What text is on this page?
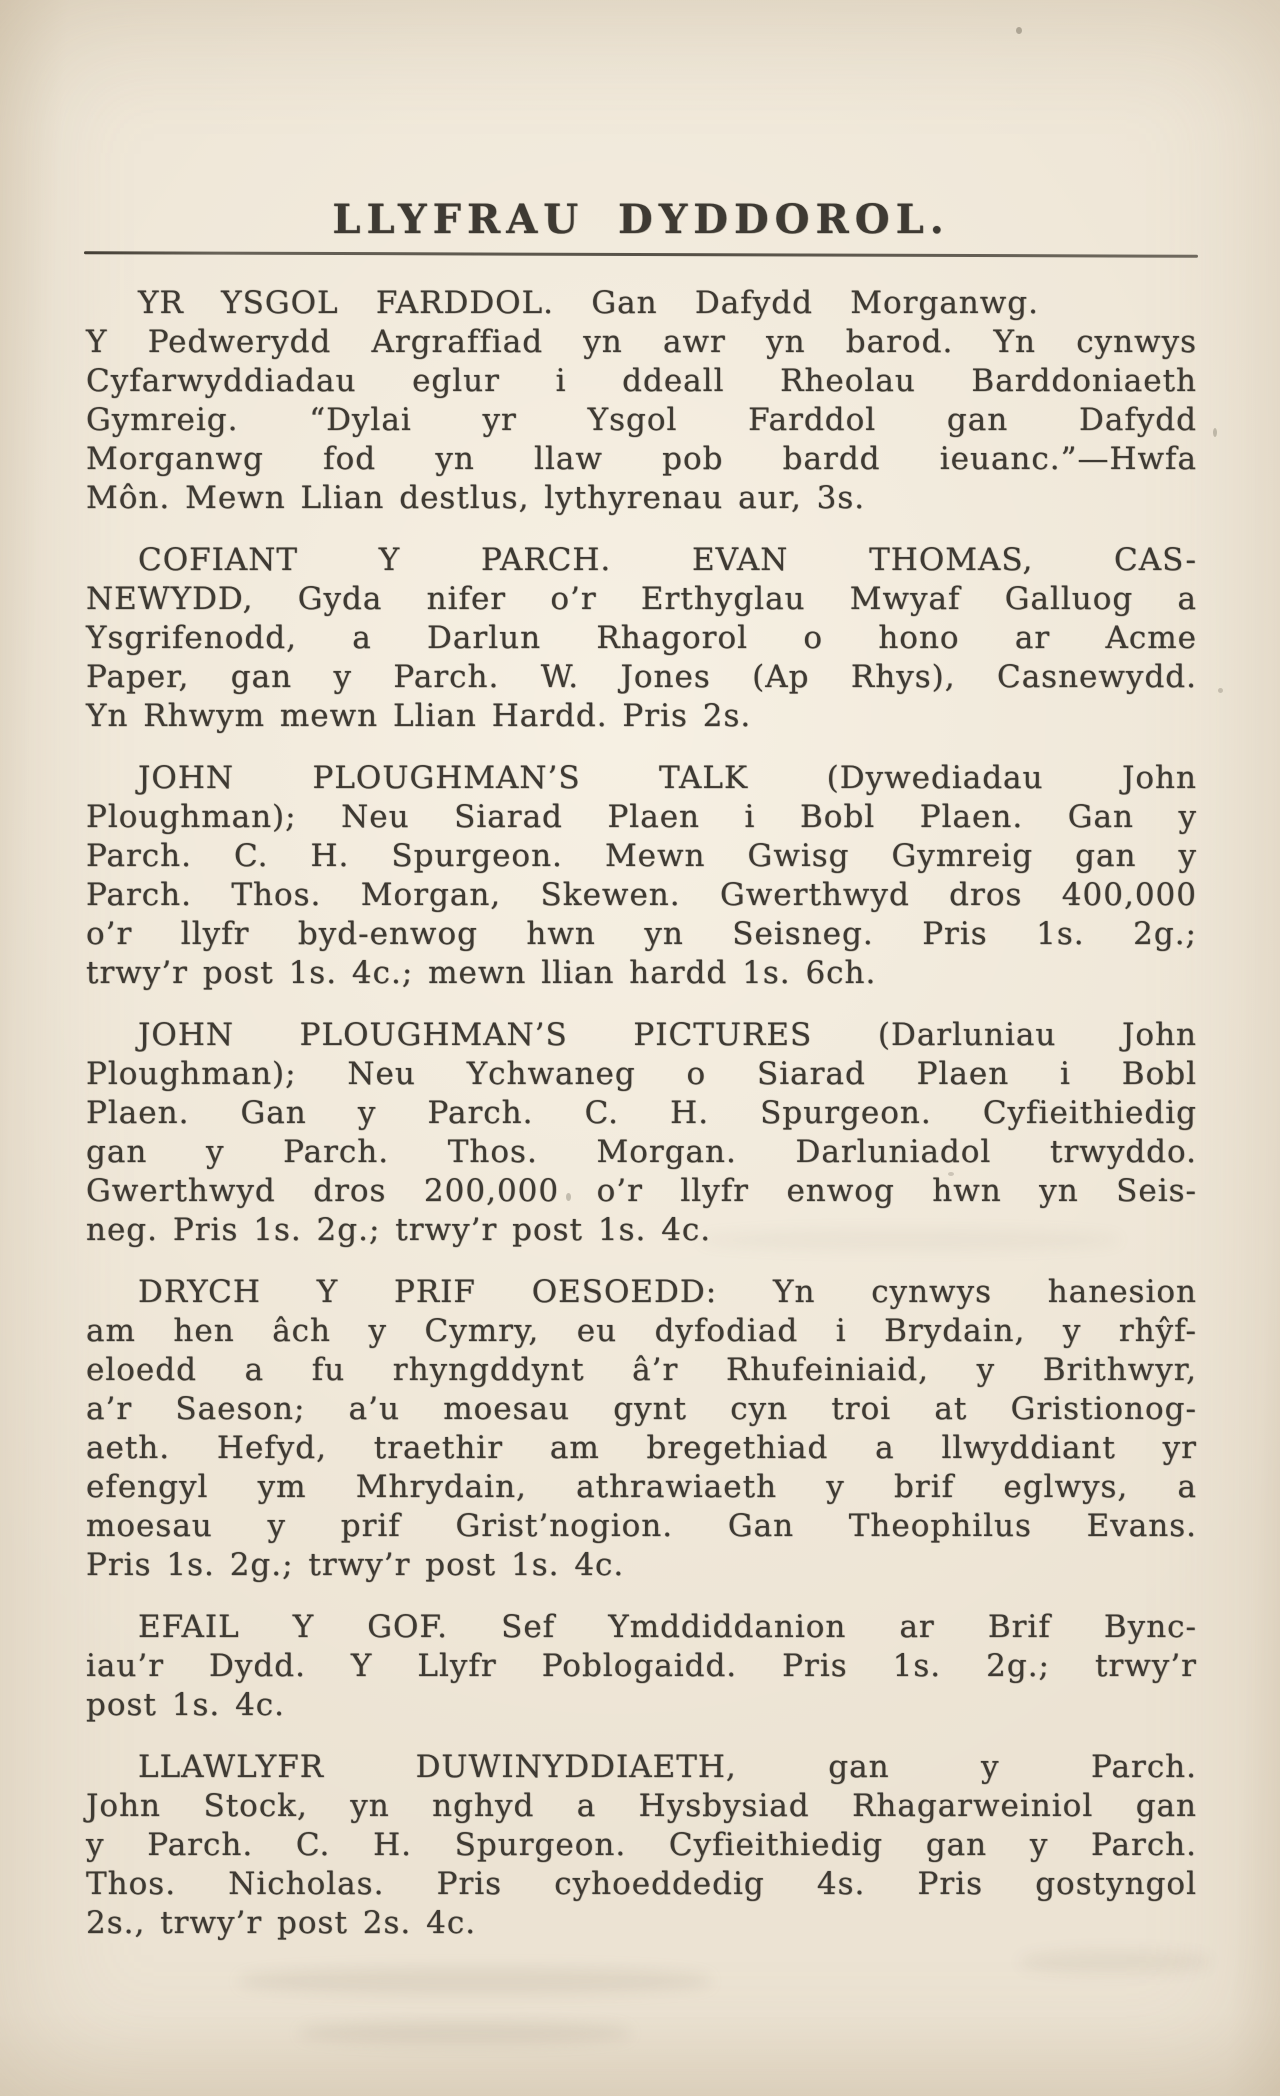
LLYFRAU DYDDOROL.
YR YSGOL FARDDOL. Gan Dafydd Morganwg.
Y Pedwerydd Argraffiad yn awr yn barod. Yn cynwys
Cyfarwyddiadau eglur i ddeall Rheolau Barddoniaeth
Gymreig. “Dylai yr Ysgol Farddol gan Dafydd
Morganwg fod yn llaw pob bardd ieuanc.”—Hwfa
Môn. Mewn Llian destlus, lythyrenau aur, 3s.
COFIANT Y PARCH. EVAN THOMAS, CAS-
NEWYDD, Gyda nifer o’r Erthyglau Mwyaf Galluog a
Ysgrifenodd, a Darlun Rhagorol o hono ar Acme
Paper, gan y Parch. W. Jones (Ap Rhys), Casnewydd.
Yn Rhwym mewn Llian Hardd. Pris 2s.
JOHN PLOUGHMAN’S TALK (Dywediadau John
Ploughman); Neu Siarad Plaen i Bobl Plaen. Gan y
Parch. C. H. Spurgeon. Mewn Gwisg Gymreig gan y
Parch. Thos. Morgan, Skewen. Gwerthwyd dros 400,000
o’r llyfr byd-enwog hwn yn Seisneg. Pris 1s. 2g.;
trwy’r post 1s. 4c.; mewn llian hardd 1s. 6ch.
JOHN PLOUGHMAN’S PICTURES (Darluniau John
Ploughman); Neu Ychwaneg o Siarad Plaen i Bobl
Plaen. Gan y Parch. C. H. Spurgeon. Cyfieithiedig
gan y Parch. Thos. Morgan. Darluniadol trwyddo.
Gwerthwyd dros 200,000 o’r llyfr enwog hwn yn Seis-
neg. Pris 1s. 2g.; trwy’r post 1s. 4c.
DRYCH Y PRIF OESOEDD: Yn cynwys hanesion
am hen âch y Cymry, eu dyfodiad i Brydain, y rhŷf-
eloedd a fu rhyngddynt â’r Rhufeiniaid, y Brithwyr,
a’r Saeson; a’u moesau gynt cyn troi at Gristionog-
aeth. Hefyd, traethir am bregethiad a llwyddiant yr
efengyl ym Mhrydain, athrawiaeth y brif eglwys, a
moesau y prif Grist’nogion. Gan Theophilus Evans.
Pris 1s. 2g.; trwy’r post 1s. 4c.
EFAIL Y GOF. Sef Ymddiddanion ar Brif Bync-
iau’r Dydd. Y Llyfr Poblogaidd. Pris 1s. 2g.; trwy’r
post 1s. 4c.
LLAWLYFR DUWINYDDIAETH, gan y Parch.
John Stock, yn nghyd a Hysbysiad Rhagarweiniol gan
y Parch. C. H. Spurgeon. Cyfieithiedig gan y Parch.
Thos. Nicholas. Pris cyhoeddedig 4s. Pris gostyngol
2s., trwy’r post 2s. 4c.
